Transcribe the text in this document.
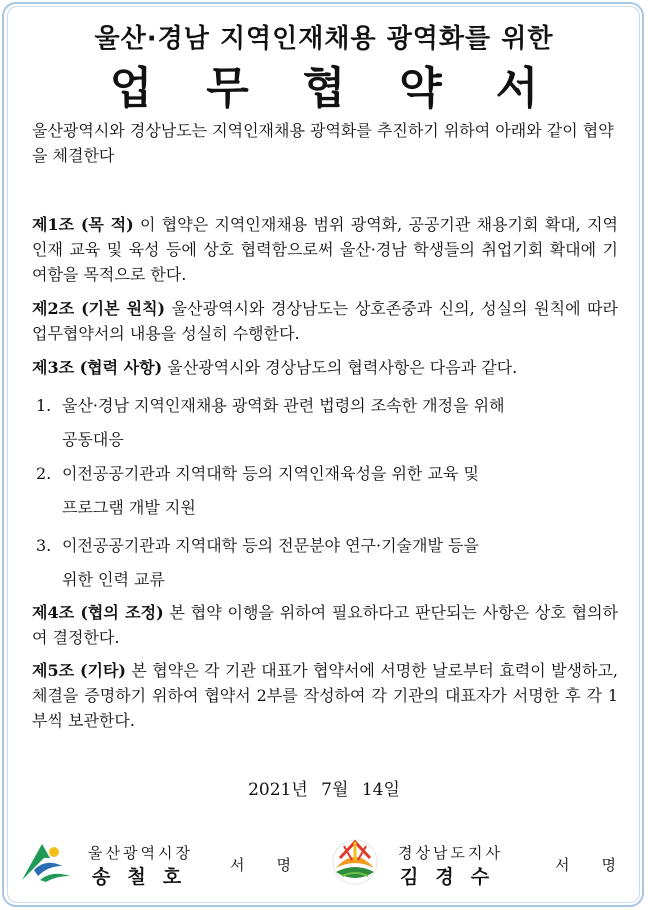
울산·경남 지역인재채용 광역화를 위한
업무협약서
울산광역시와 경상남도는 지역인재채용 광역화를 추진하기 위하여 아래와 같이 협약을 체결한다
제1조 (목 적) 이 협약은 지역인재채용 범위 광역화, 공공기관 채용기회 확대, 지역인재 교육 및 육성 등에 상호 협력함으로써 울산·경남 학생들의 취업기회 확대에 기여함을 목적으로 한다.
제2조 (기본 원칙) 울산광역시와 경상남도는 상호존중과 신의, 성실의 원칙에 따라 업무협약서의 내용을 성실히 수행한다.
제3조 (협력 사항) 울산광역시와 경상남도의 협력사항은 다음과 같다.
1. 울산·경남 지역인재채용 광역화 관련 법령의 조속한 개정을 위해
공동대응
2. 이전공공기관과 지역대학 등의 지역인재육성을 위한 교육 및
프로그램 개발 지원
3. 이전공공기관과 지역대학 등의 전문분야 연구·기술개발 등을
위한 인력 교류
제4조 (협의 조정) 본 협약 이행을 위하여 필요하다고 판단되는 사항은 상호 협의하여 결정한다.
제5조 (기타) 본 협약은 각 기관 대표가 협약서에 서명한 날로부터 효력이 발생하고, 체결을 증명하기 위하여 협약서 2부를 작성하여 각 기관의 대표자가 서명한 후 각 1부씩 보관한다.
2021년 7월 14일
울산광역시장
송철호
서명
경상남도지사
김경수
서명
